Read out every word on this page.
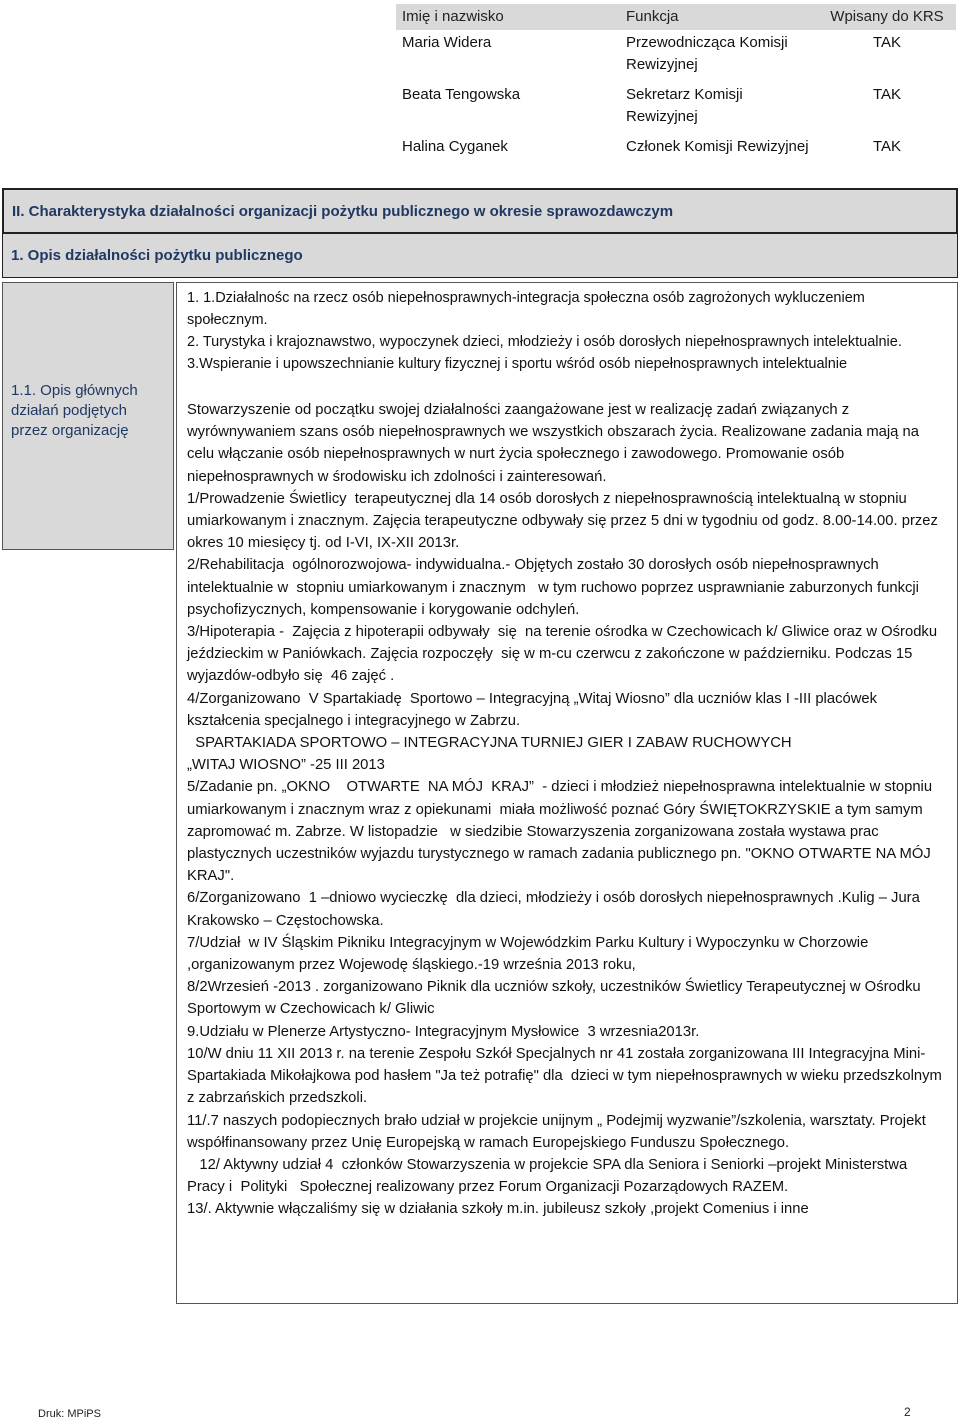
Imię i nazwisko	Funkcja	Wpisany do KRS
Maria Widera	Przewodnicząca Komisji Rewizyjnej	TAK
Beata Tengowska	Sekretarz Komisji Rewizyjnej	TAK
Halina Cyganek	Członek Komisji Rewizyjnej	TAK
II. Charakterystyka działalności organizacji pożytku publicznego w okresie sprawozdawczym
1. Opis działalności pożytku publicznego
1.1. Opis głównych działań podjętych przez organizację

1. 1.Działalnośc na rzecz osób niepełnosprawnych-integracja społeczna osób zagrożonych wykluczeniem społecznym.

2. Turystyka i krajoznawstwo, wypoczynek dzieci, młodzieży i osób dorosłych niepełnosprawnych intelektualnie.

3.Wspieranie i upowszechnianie kultury fizycznej i sportu wśród osób niepełnosprawnych intelektualnie

Stowarzyszenie od początku swojej działalności zaangażowane jest w realizację zadań związanych z wyrównywaniem szans osób niepełnosprawnych we wszystkich obszarach życia. Realizowane zadania mają na celu włączanie osób niepełnosprawnych w nurt życia społecznego i zawodowego. Promowanie osób niepełnosprawnych w środowisku ich zdolności i zainteresowań.

1/Prowadzenie Świetlicy  terapeutycznej dla 14 osób dorosłych z niepełnosprawnością intelektualną w stopniu umiarkowanym i znacznym. Zajęcia terapeutyczne odbywały się przez 5 dni w tygodniu od godz. 8.00-14.00. przez okres 10 miesięcy tj. od I-VI, IX-XII 2013r.

2/Rehabilitacja  ogólnorozwojowa- indywidualna.- Objętych zostało 30 dorosłych osób niepełnosprawnych intelektualnie w  stopniu umiarkowanym i znacznym   w tym ruchowo poprzez usprawnianie zaburzonych funkcji psychofizycznych, kompensowanie i korygowanie odchyleń.

3/Hipoterapia -  Zajęcia z hipoterapii odbywały  się  na terenie ośrodka w Czechowicach k/ Gliwice oraz w Ośrodku jeździeckim w Paniówkach. Zajęcia rozpoczęły  się w m-cu czerwcu z zakończone w październiku. Podczas 15 wyjazdów-odbyło się  46 zajęć .

4/Zorganizowano  V Spartakiadę  Sportowo – Integracyjną „Witaj Wiosno” dla uczniów klas I -III placówek kształcenia specjalnego i integracyjnego w Zabrzu.

SPARTAKIADA SPORTOWO – INTEGRACYJNA TURNIEJ GIER I ZABAW RUCHOWYCH

„WITAJ WIOSNO” -25 III 2013

5/Zadanie pn. „OKNO    OTWARTE  NA MÓJ  KRAJ”  - dzieci i młodzież niepełnosprawna intelektualnie w stopniu umiarkowanym i znacznym wraz z opiekunami  miała możliwość poznać Góry ŚWIĘTOKRZYSKIE a tym samym zapromować m. Zabrze. W listopadzie   w siedzibie Stowarzyszenia zorganizowana została wystawa prac plastycznych uczestników wyjazdu turystycznego w ramach zadania publicznego pn. "OKNO OTWARTE NA MÓJ KRAJ".

6/Zorganizowano  1 –dniowo wycieczkę  dla dzieci, młodzieży i osób dorosłych niepełnosprawnych .Kulig – Jura Krakowsko – Częstochowska.

7/Udział  w IV Śląskim Pikniku Integracyjnym w Wojewódzkim Parku Kultury i Wypoczynku w Chorzowie ,organizowanym przez Wojewodę śląskiego.-19 września 2013 roku,

8/2Wrzesień -2013 . zorganizowano Piknik dla uczniów szkoły, uczestników Świetlicy Terapeutycznej w Ośrodku Sportowym w Czechowicach k/ Gliwic

9.Udziału w Plenerze Artystyczno- Integracyjnym Mysłowice  3 wrzesnia2013r.

10/W dniu 11 XII 2013 r. na terenie Zespołu Szkół Specjalnych nr 41 została zorganizowana III Integracyjna Mini-Spartakiada Mikołajkowa pod hasłem "Ja też potrafię" dla  dzieci w tym niepełnosprawnych w wieku przedszkolnym z zabrzańskich przedszkoli.

11/.7 naszych podopiecznych brało udział w projekcie unijnym „ Podejmij wyzwanie”/szkolenia, warsztaty. Projekt współfinansowany przez Unię Europejską w ramach Europejskiego Funduszu Społecznego.

12/ Aktywny udział 4  członków Stowarzyszenia w projekcie SPA dla Seniora i Seniorki –projekt Ministerstwa Pracy i  Polityki   Społecznej realizowany przez Forum Organizacji Pozarządowych RAZEM.

13/. Aktywnie włączaliśmy się w działania szkoły m.in. jubileusz szkoły ,projekt Comenius i inne

Druk: MPiPS	2
